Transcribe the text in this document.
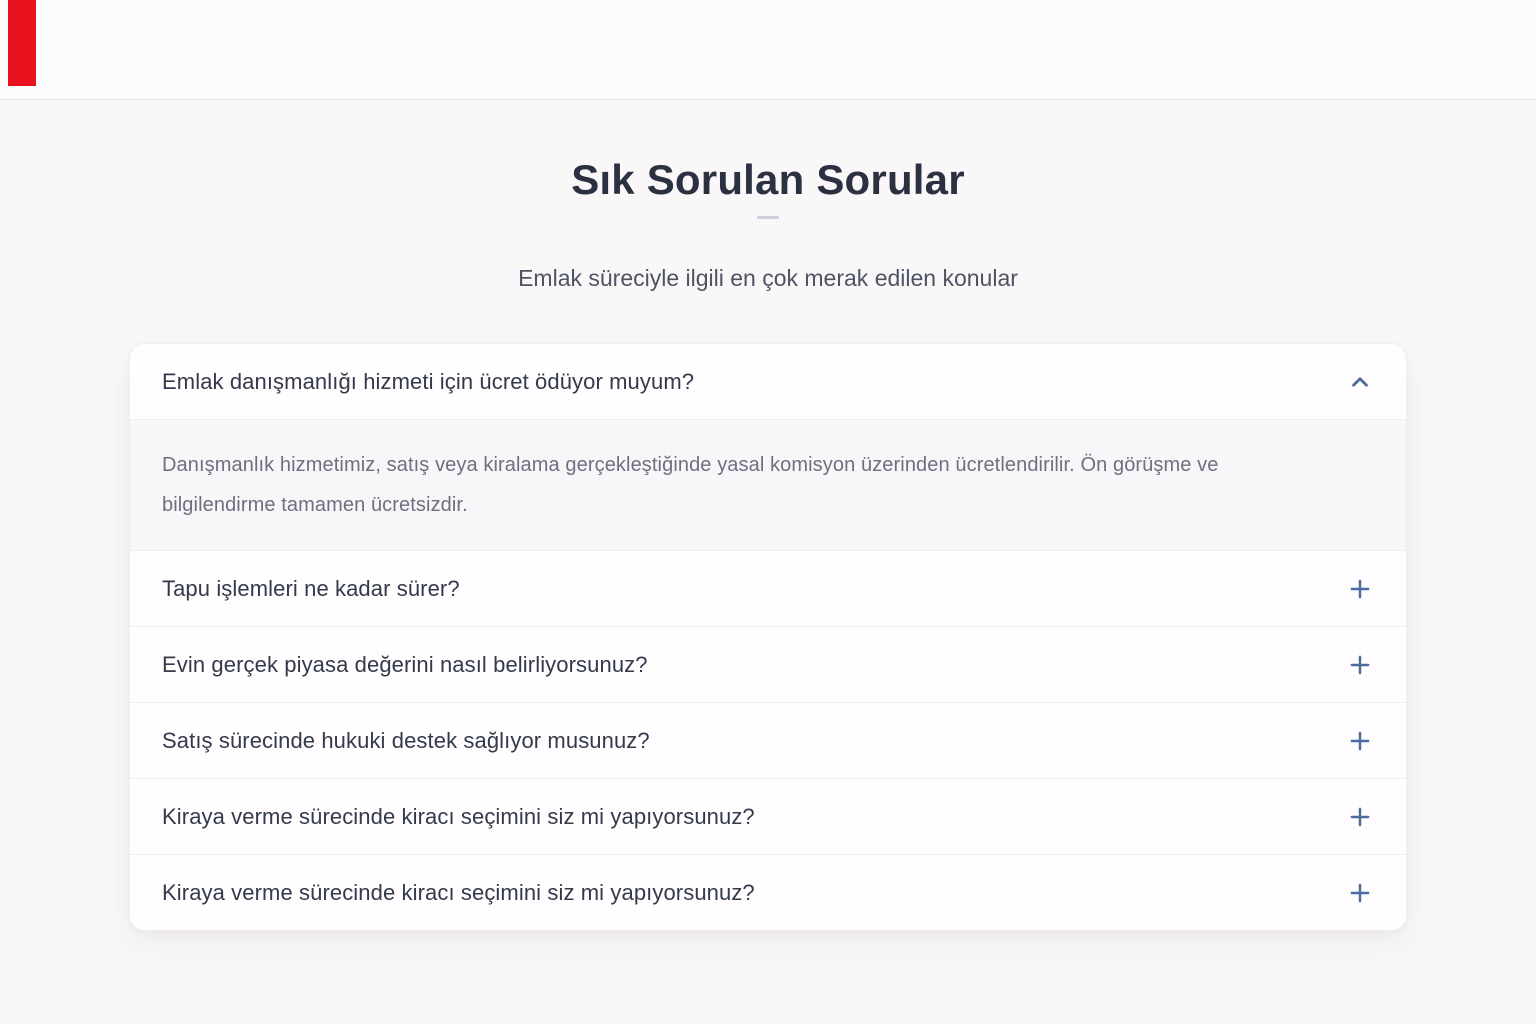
Sık Sorulan Sorular
Emlak süreciyle ilgili en çok merak edilen konular
Emlak danışmanlığı hizmeti için ücret ödüyor muyum?
Danışmanlık hizmetimiz, satış veya kiralama gerçekleştiğinde yasal komisyon üzerinden ücretlendirilir. Ön görüşme ve bilgilendirme tamamen ücretsizdir.
Tapu işlemleri ne kadar sürer?
Evin gerçek piyasa değerini nasıl belirliyorsunuz?
Satış sürecinde hukuki destek sağlıyor musunuz?
Kiraya verme sürecinde kiracı seçimini siz mi yapıyorsunuz?
Kiraya verme sürecinde kiracı seçimini siz mi yapıyorsunuz?
